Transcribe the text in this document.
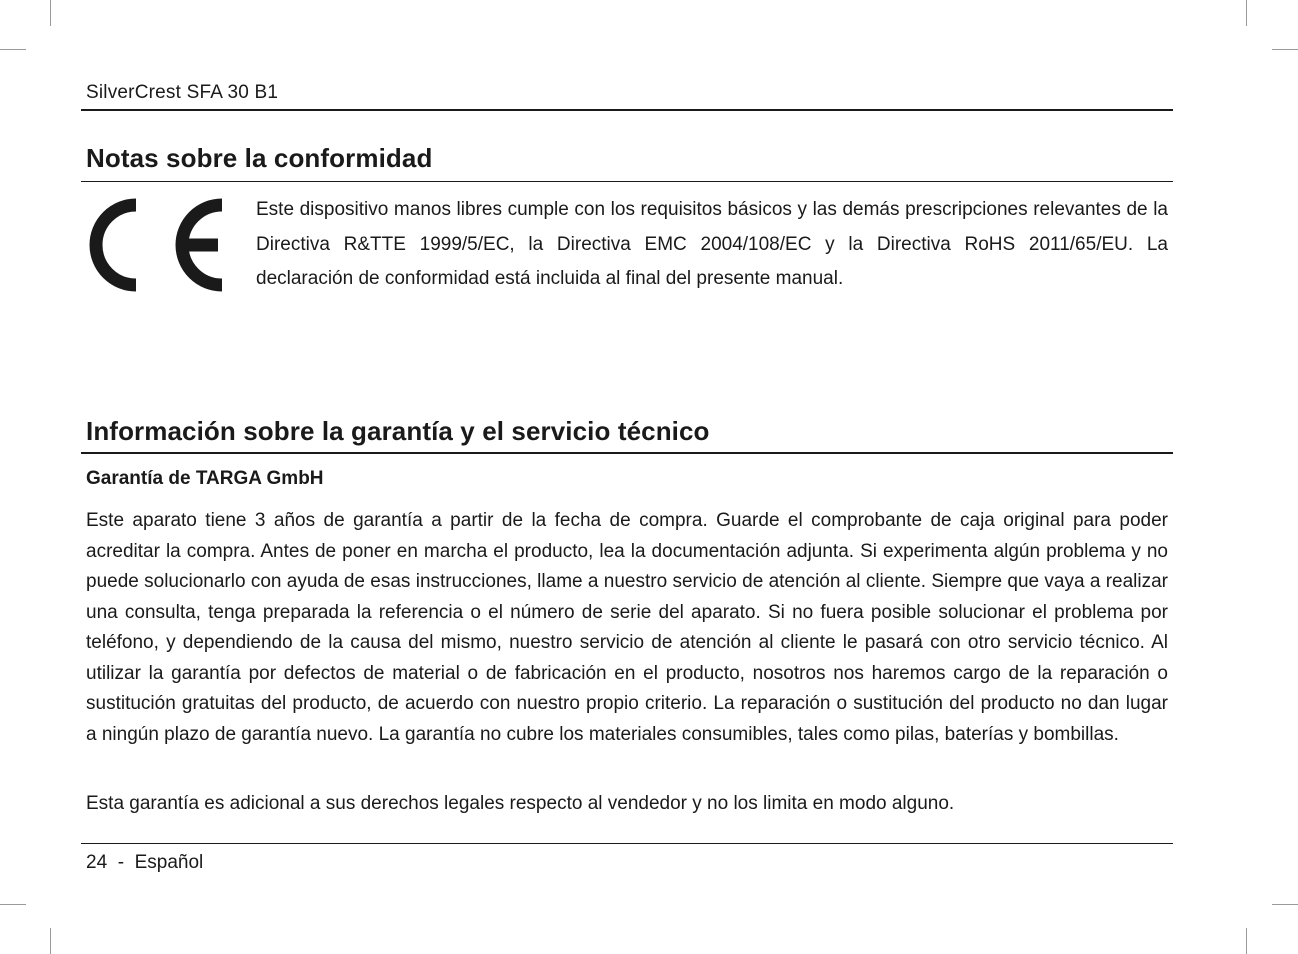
SilverCrest SFA 30 B1
Notas sobre la conformidad

Este dispositivo manos libres cumple con los requisitos básicos y las demás prescripciones relevantes de la Directiva R&TTE 1999/5/EC, la Directiva EMC 2004/108/EC y la Directiva RoHS 2011/65/EU. La declaración de conformidad está incluida al final del presente manual.

Información sobre la garantía y el servicio técnico
Garantía de TARGA GmbH

Este aparato tiene 3 años de garantía a partir de la fecha de compra. Guarde el comprobante de caja original para poder acreditar la compra. Antes de poner en marcha el producto, lea la documentación adjunta. Si experimenta algún problema y no puede solucionarlo con ayuda de esas instrucciones, llame a nuestro servicio de atención al cliente. Siempre que vaya a realizar una consulta, tenga preparada la referencia o el número de serie del aparato. Si no fuera posible solucionar el problema por teléfono, y dependiendo de la causa del mismo, nuestro servicio de atención al cliente le pasará con otro servicio técnico. Al utilizar la garantía por defectos de material o de fabricación en el producto, nosotros nos haremos cargo de la reparación o sustitución gratuitas del producto, de acuerdo con nuestro propio criterio. La reparación o sustitución del producto no dan lugar a ningún plazo de garantía nuevo. La garantía no cubre los materiales consumibles, tales como pilas, baterías y bombillas.

Esta garantía es adicional a sus derechos legales respecto al vendedor y no los limita en modo alguno.

24 - Español
